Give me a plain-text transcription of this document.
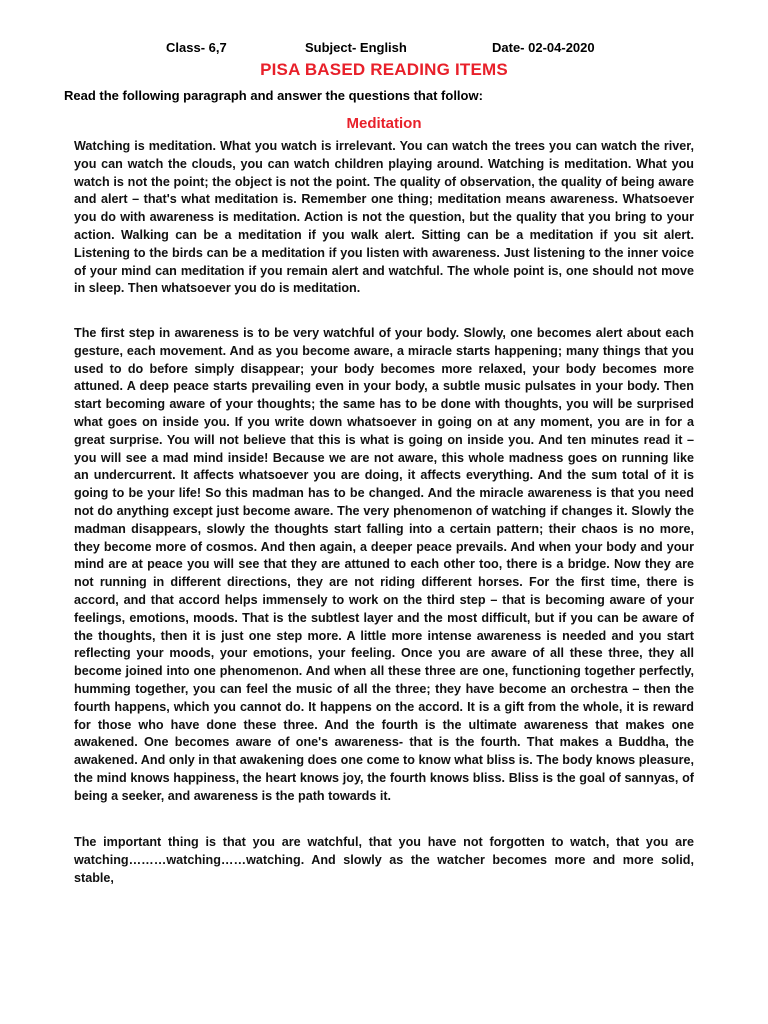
Class- 6,7	Subject- English	Date- 02-04-2020
PISA BASED READING ITEMS
Read the following paragraph and answer the questions that follow:
Meditation

Watching is meditation. What you watch is irrelevant. You can watch the trees you can watch the river, you can watch the clouds, you can watch children playing around. Watching is meditation. What you watch is not the point; the object is not the point. The quality of observation, the quality of being aware and alert – that's what meditation is. Remember one thing; meditation means awareness. Whatsoever you do with awareness is meditation. Action is not the question, but the quality that you bring to your action. Walking can be a meditation if you walk alert. Sitting can be a meditation if you sit alert. Listening to the birds can be a meditation if you listen with awareness. Just listening to the inner voice of your mind can meditation if you remain alert and watchful. The whole point is, one should not move in sleep. Then whatsoever you do is meditation.

The first step in awareness is to be very watchful of your body. Slowly, one becomes alert about each gesture, each movement. And as you become aware, a miracle starts happening; many things that you used to do before simply disappear; your body becomes more relaxed, your body becomes more attuned. A deep peace starts prevailing even in your body, a subtle music pulsates in your body. Then start becoming aware of your thoughts; the same has to be done with thoughts, you will be surprised what goes on inside you. If you write down whatsoever in going on at any moment, you are in for a great surprise. You will not believe that this is what is going on inside you. And ten minutes read it – you will see a mad mind inside! Because we are not aware, this whole madness goes on running like an undercurrent. It affects whatsoever you are doing, it affects everything. And the sum total of it is going to be your life! So this madman has to be changed. And the miracle awareness is that you need not do anything except just become aware. The very phenomenon of watching if changes it. Slowly the madman disappears, slowly the thoughts start falling into a certain pattern; their chaos is no more, they become more of cosmos. And then again, a deeper peace prevails. And when your body and your mind are at peace you will see that they are attuned to each other too, there is a bridge. Now they are not running in different directions, they are not riding different horses. For the first time, there is accord, and that accord helps immensely to work on the third step – that is becoming aware of your feelings, emotions, moods. That is the subtlest layer and the most difficult, but if you can be aware of the thoughts, then it is just one step more. A little more intense awareness is needed and you start reflecting your moods, your emotions, your feeling. Once you are aware of all these three, they all become joined into one phenomenon. And when all these three are one, functioning together perfectly, humming together, you can feel the music of all the three; they have become an orchestra – then the fourth happens, which you cannot do. It happens on the accord. It is a gift from the whole, it is reward for those who have done these three. And the fourth is the ultimate awareness that makes one awakened. One becomes aware of one's awareness- that is the fourth. That makes a Buddha, the awakened. And only in that awakening does one come to know what bliss is. The body knows pleasure, the mind knows happiness, the heart knows joy, the fourth knows bliss. Bliss is the goal of sannyas, of being a seeker, and awareness is the path towards it.

The important thing is that you are watchful, that you have not forgotten to watch, that you are watching………watching……watching. And slowly as the watcher becomes more and more solid, stable,
